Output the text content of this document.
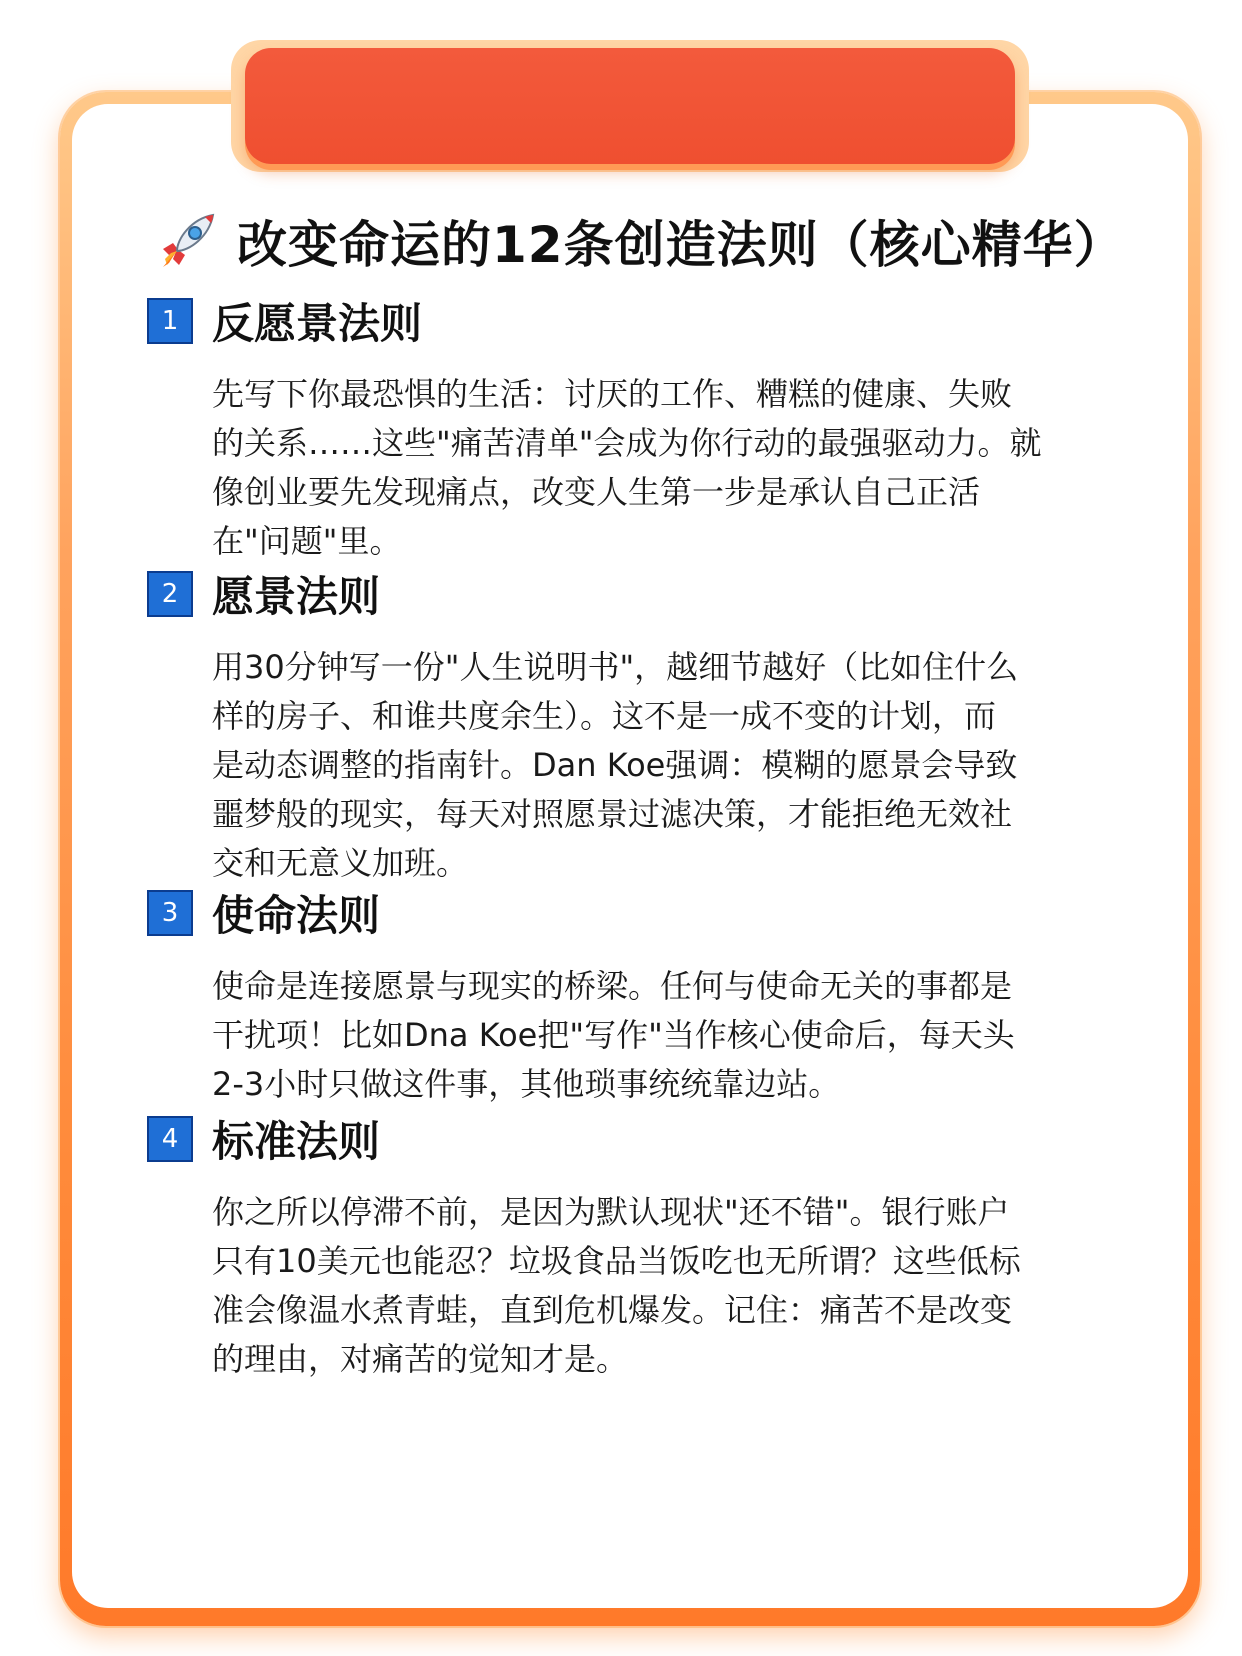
改变命运的12条创造法则（核心精华）
1 反愿景法则
先写下你最恐惧的生活：讨厌的工作、糟糕的健康、失败
的关系……这些"痛苦清单"会成为你行动的最强驱动力。就
像创业要先发现痛点，改变人生第一步是承认自己正活
在"问题"里。
2 愿景法则
用30分钟写一份"人生说明书"，越细节越好（比如住什么
样的房子、和谁共度余生）。这不是一成不变的计划，而
是动态调整的指南针。Dan Koe强调：模糊的愿景会导致
噩梦般的现实，每天对照愿景过滤决策，才能拒绝无效社
交和无意义加班。
3 使命法则
使命是连接愿景与现实的桥梁。任何与使命无关的事都是
干扰项！比如Dna Koe把"写作"当作核心使命后，每天头
2-3小时只做这件事，其他琐事统统靠边站。
4 标准法则
你之所以停滞不前，是因为默认现状"还不错"。银行账户
只有10美元也能忍？垃圾食品当饭吃也无所谓？这些低标
准会像温水煮青蛙，直到危机爆发。记住：痛苦不是改变
的理由，对痛苦的觉知才是。
